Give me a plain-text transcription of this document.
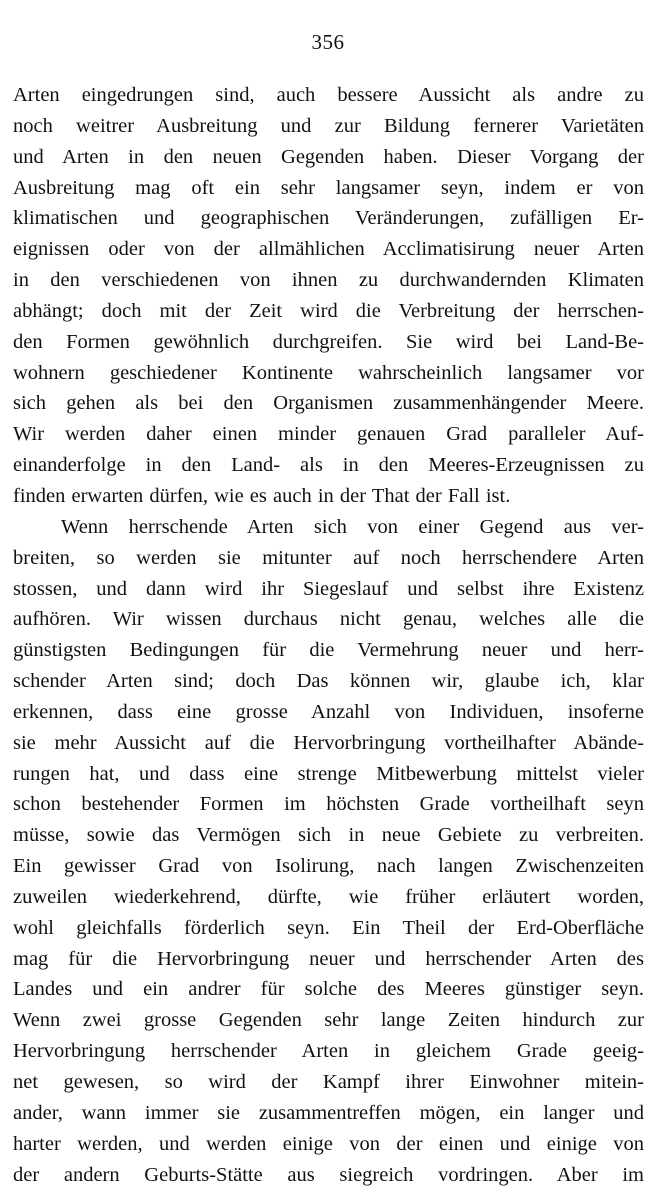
356
Arten eingedrungen sind, auch bessere Aussicht als andre zu
noch weitrer Ausbreitung und zur Bildung fernerer Varietäten
und Arten in den neuen Gegenden haben. Dieser Vorgang der
Ausbreitung mag oft ein sehr langsamer seyn, indem er von
klimatischen und geographischen Veränderungen, zufälligen Er-
eignissen oder von der allmählichen Acclimatisirung neuer Arten
in den verschiedenen von ihnen zu durchwandernden Klimaten
abhängt; doch mit der Zeit wird die Verbreitung der herrschen-
den Formen gewöhnlich durchgreifen. Sie wird bei Land-Be-
wohnern geschiedener Kontinente wahrscheinlich langsamer vor
sich gehen als bei den Organismen zusammenhängender Meere.
Wir werden daher einen minder genauen Grad paralleler Auf-
einanderfolge in den Land- als in den Meeres-Erzeugnissen zu
finden erwarten dürfen, wie es auch in der That der Fall ist.
Wenn herrschende Arten sich von einer Gegend aus ver-
breiten, so werden sie mitunter auf noch herrschendere Arten
stossen, und dann wird ihr Siegeslauf und selbst ihre Existenz
aufhören. Wir wissen durchaus nicht genau, welches alle die
günstigsten Bedingungen für die Vermehrung neuer und herr-
schender Arten sind; doch Das können wir, glaube ich, klar
erkennen, dass eine grosse Anzahl von Individuen, insoferne
sie mehr Aussicht auf die Hervorbringung vortheilhafter Abände-
rungen hat, und dass eine strenge Mitbewerbung mittelst vieler
schon bestehender Formen im höchsten Grade vortheilhaft seyn
müsse, sowie das Vermögen sich in neue Gebiete zu verbreiten.
Ein gewisser Grad von Isolirung, nach langen Zwischenzeiten
zuweilen wiederkehrend, dürfte, wie früher erläutert worden,
wohl gleichfalls förderlich seyn. Ein Theil der Erd-Oberfläche
mag für die Hervorbringung neuer und herrschender Arten des
Landes und ein andrer für solche des Meeres günstiger seyn.
Wenn zwei grosse Gegenden sehr lange Zeiten hindurch zur
Hervorbringung herrschender Arten in gleichem Grade geeig-
net gewesen, so wird der Kampf ihrer Einwohner mitein-
ander, wann immer sie zusammentreffen mögen, ein langer und
harter werden, und werden einige von der einen und einige von
der andern Geburts-Stätte aus siegreich vordringen. Aber im
